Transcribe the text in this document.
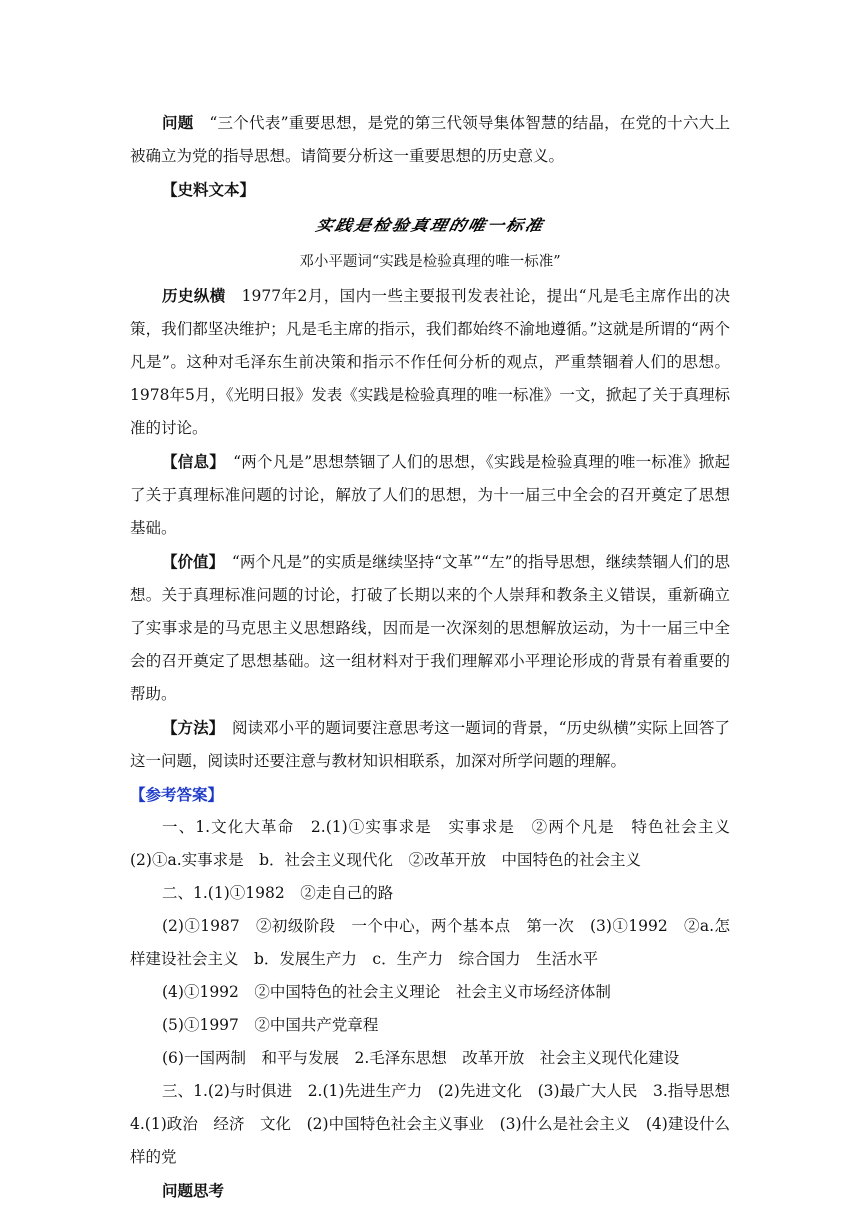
问题　 “三个代表”重要思想，是党的第三代领导集体智慧的结晶，在党的十六大上被确立为党的指导思想。请简要分析这一重要思想的历史意义。

【史料文本】

实践是检验真理的唯一标准

邓小平题词“实践是检验真理的唯一标准”

历史纵横　 1977年2月，国内一些主要报刊发表社论，提出“凡是毛主席作出的决策，我们都坚决维护；凡是毛主席的指示，我们都始终不渝地遵循。”这就是所谓的“两个凡是”。这种对毛泽东生前决策和指示不作任何分析的观点，严重禁锢着人们的思想。1978年5月，《光明日报》发表《实践是检验真理的唯一标准》一文，掀起了关于真理标准的讨论。

【信息】　 “两个凡是”思想禁锢了人们的思想，《实践是检验真理的唯一标准》掀起了关于真理标准问题的讨论，解放了人们的思想，为十一届三中全会的召开奠定了思想基础。

【价值】　 “两个凡是”的实质是继续坚持“文革”“左”的指导思想，继续禁锢人们的思想。关于真理标准问题的讨论，打破了长期以来的个人崇拜和教条主义错误，重新确立了实事求是的马克思主义思想路线，因而是一次深刻的思想解放运动，为十一届三中全会的召开奠定了思想基础。这一组材料对于我们理解邓小平理论形成的背景有着重要的帮助。

【方法】　 阅读邓小平的题词要注意思考这一题词的背景，“历史纵横”实际上回答了这一问题，阅读时还要注意与教材知识相联系，加深对所学问题的理解。

【参考答案】

一、1.文化大革命　2.(1)①实事求是　实事求是　②两个凡是　特色社会主义　(2)①a.实事求是　b．社会主义现代化　②改革开放　中国特色的社会主义

二、1.(1)①1982　②走自己的路

(2)①1987　②初级阶段　一个中心，两个基本点　第一次　(3)①1992　②a.怎样建设社会主义　b．发展生产力　c．生产力　综合国力　生活水平

(4)①1992　②中国特色的社会主义理论　社会主义市场经济体制

(5)①1997　②中国共产党章程

(6)一国两制　和平与发展　2.毛泽东思想　改革开放　社会主义现代化建设

三、1.(2)与时俱进　2.(1)先进生产力　(2)先进文化　(3)最广大人民　3.指导思想　4.(1)政治　经济　文化　(2)中国特色社会主义事业　(3)什么是社会主义　(4)建设什么样的党

问题思考
